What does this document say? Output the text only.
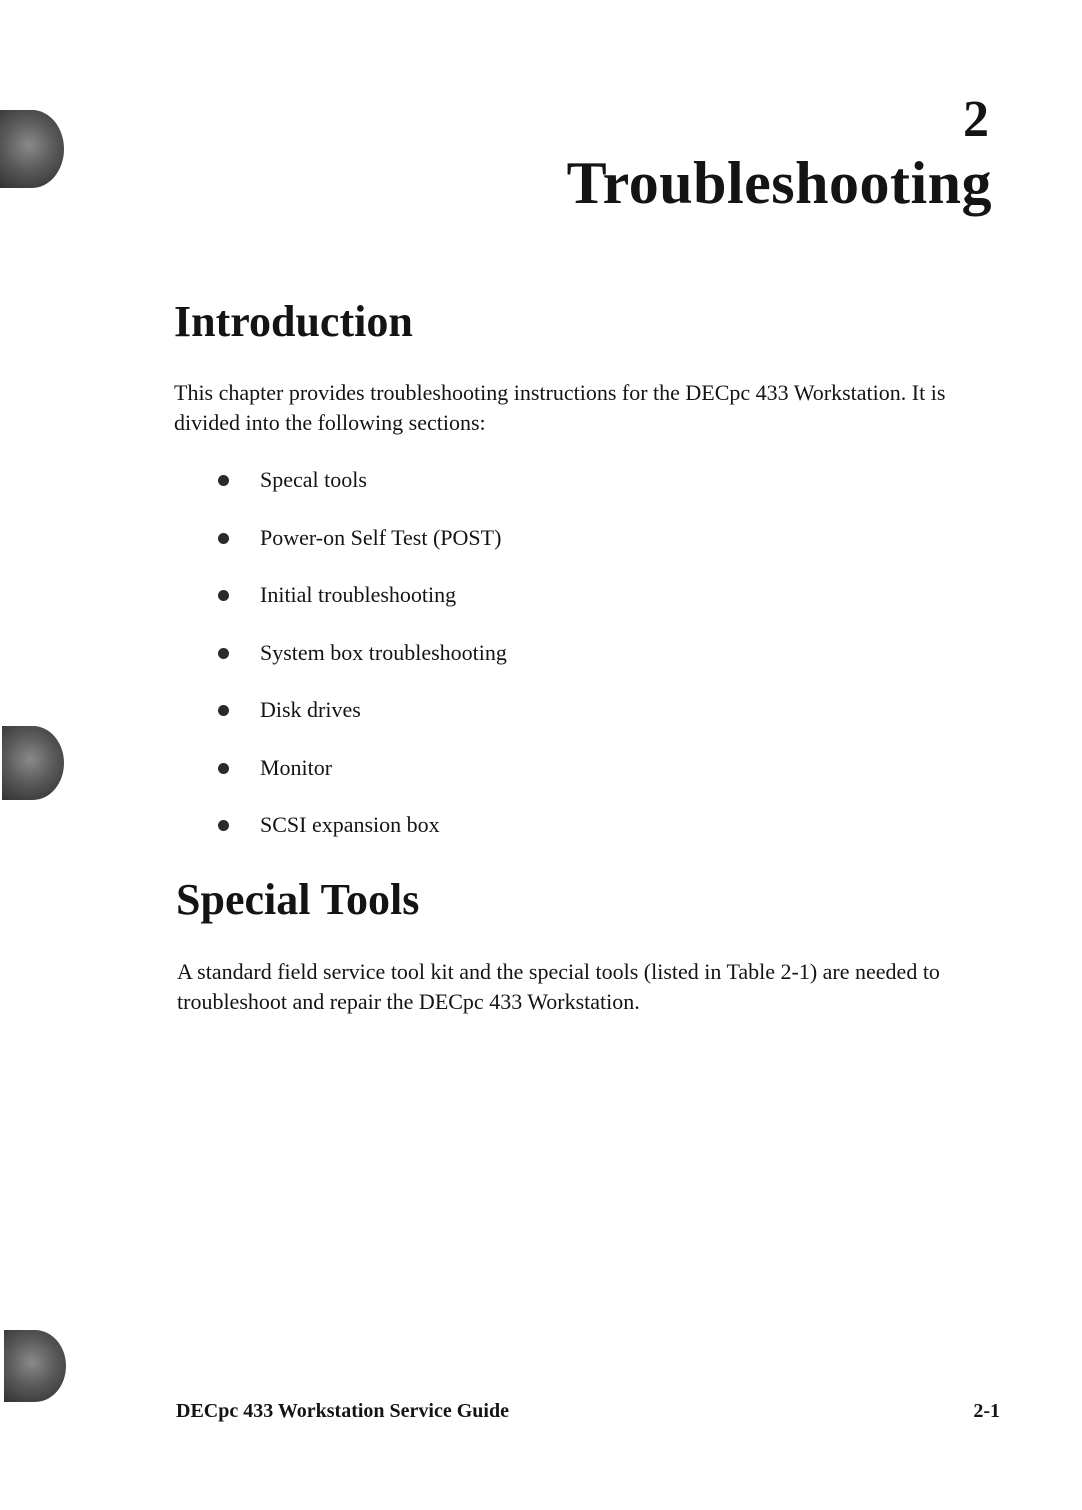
2
Troubleshooting
Introduction
This chapter provides troubleshooting instructions for the DECpc 433 Workstation. It is divided into the following sections:
Specal tools
Power-on Self Test (POST)
Initial troubleshooting
System box troubleshooting
Disk drives
Monitor
SCSI expansion box
Special Tools
A standard field service tool kit and the special tools (listed in Table 2-1) are needed to troubleshoot and repair the DECpc 433 Workstation.
DECpc 433 Workstation Service Guide	2-1
